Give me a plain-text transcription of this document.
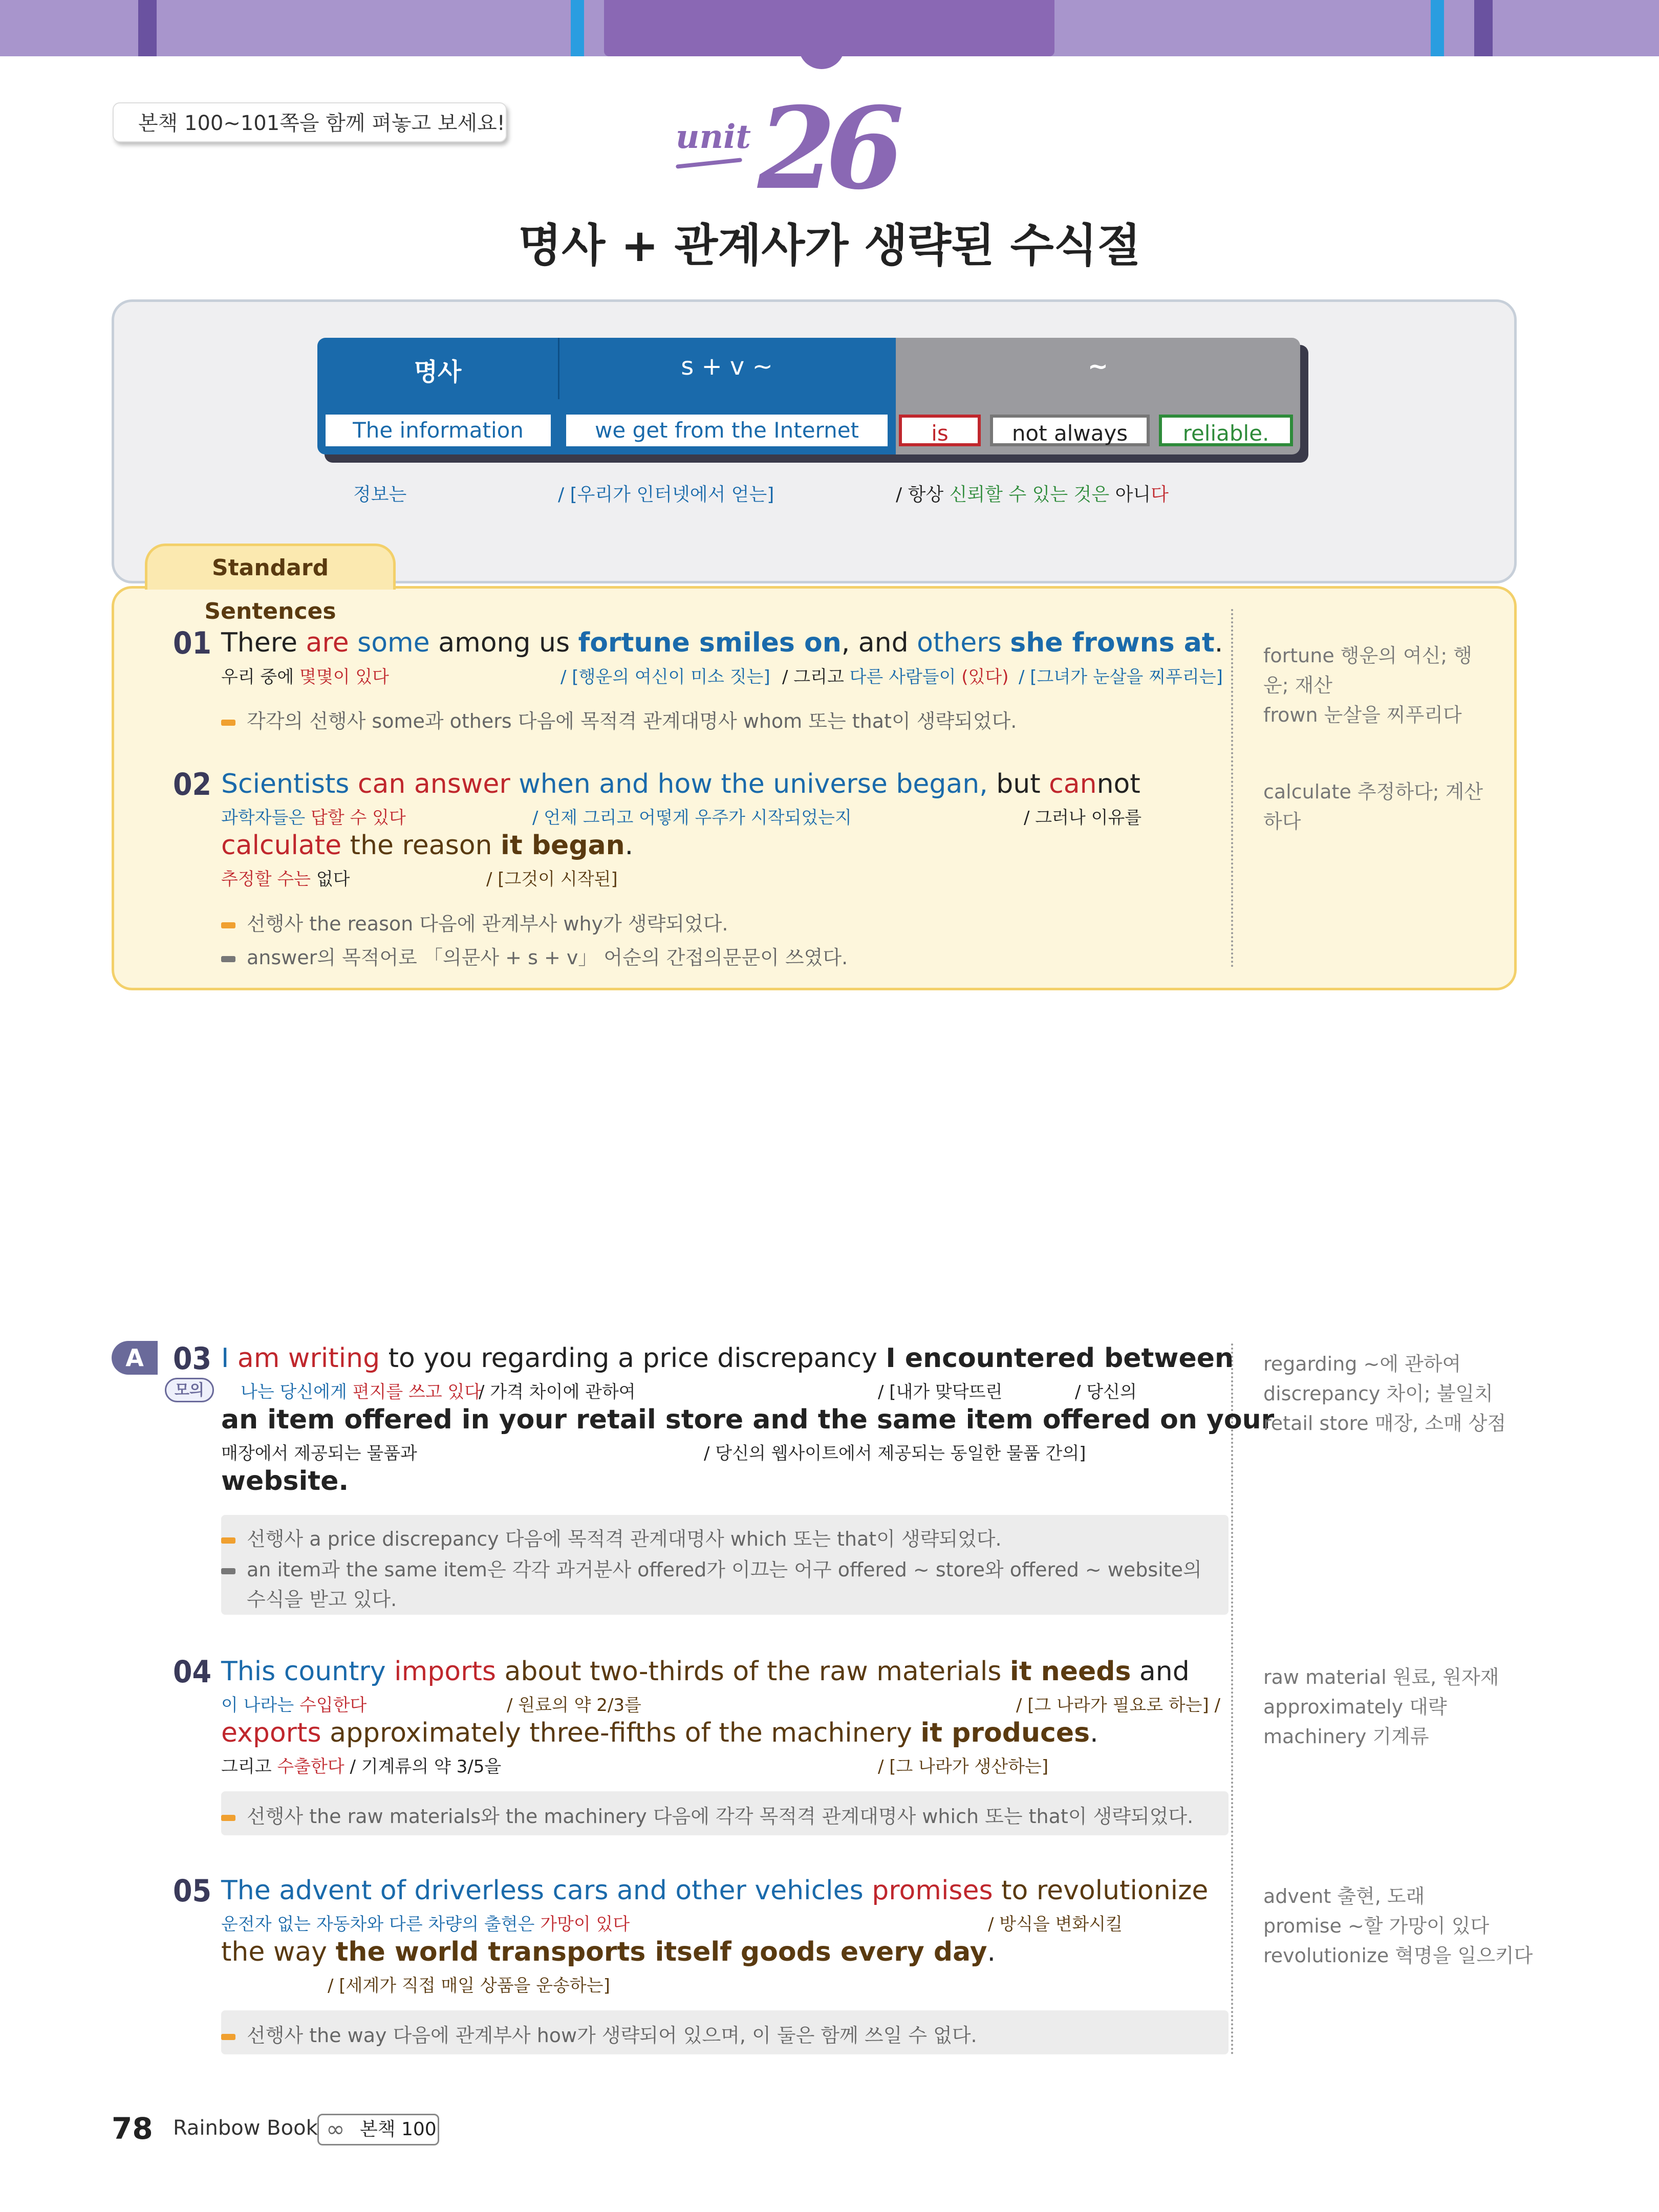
본책 100~101쪽을 함께 펴놓고 보세요!	unit 26
명사 + 관계사가 생략된 수식절
명사	s + v ~	~
The information	we get from the Internet	is	not always	reliable.
정보는	/ [우리가 인터넷에서 얻는]	/ 항상 신뢰할 수 있는 것은 아니다
Standard Sentences
01 There are some among us fortune smiles on, and others she frowns at.
우리 중에 몇몇이 있다	/ [행운의 여신이 미소 짓는] / 그리고 다른 사람들이 (있다) / [그녀가 눈살을 찌푸리는]
각각의 선행사 some과 others 다음에 목적격 관계대명사 whom 또는 that이 생략되었다.
fortune 행운의 여신; 행
운; 재산
frown 눈살을 찌푸리다
02 Scientists can answer when and how the universe began, but cannot
과학자들은 답할 수 있다	/ 언제 그리고 어떻게 우주가 시작되었는지	/ 그러나 이유를
calculate the reason it began.
추정할 수는 없다	/ [그것이 시작된]
선행사 the reason 다음에 관계부사 why가 생략되었다.
answer의 목적어로 「의문사 + s + v」 어순의 간접의문문이 쓰였다.
calculate 추정하다; 계산
하다
A
모의
03 I am writing to you regarding a price discrepancy I encountered between
나는 당신에게 편지를 쓰고 있다
/ 가격 차이에 관하여	/ [내가 맞닥뜨린	/ 당신의
an item offered in your retail store and the same item offered on your
매장에서 제공되는 물품과	/ 당신의 웹사이트에서 제공되는 동일한 물품 간의]
website.
선행사 a price discrepancy 다음에 목적격 관계대명사 which 또는 that이 생략되었다.
an item과 the same item은 각각 과거분사 offered가 이끄는 어구 offered ~ store와 offered ~ website의
수식을 받고 있다.
regarding ~에 관하여
discrepancy 차이; 불일치
retail store 매장, 소매 상점
04 This country imports about two-thirds of the raw materials it needs and
이 나라는 수입한다	/ 원료의 약 2/3를	/ [그 나라가 필요로 하는] /
exports approximately three-fifths of the machinery it produces.
그리고 수출한다 / 기계류의 약 3/5을	/ [그 나라가 생산하는]
선행사 the raw materials와 the machinery 다음에 각각 목적격 관계대명사 which 또는 that이 생략되었다.
raw material 원료, 원자재
approximately 대략
machinery 기계류
05 The advent of driverless cars and other vehicles promises to revolutionize
운전자 없는 자동차와 다른 차량의 출현은 가망이 있다	/ 방식을 변화시킬
the way the world transports itself goods every day.
/ [세계가 직접 매일 상품을 운송하는]
선행사 the way 다음에 관계부사 how가 생략되어 있으며, 이 둘은 함께 쓰일 수 없다.
advent 출현, 도래
promise ~할 가망이 있다
revolutionize 혁명을 일으키다
78 Rainbow Book ∞ 본책 100
